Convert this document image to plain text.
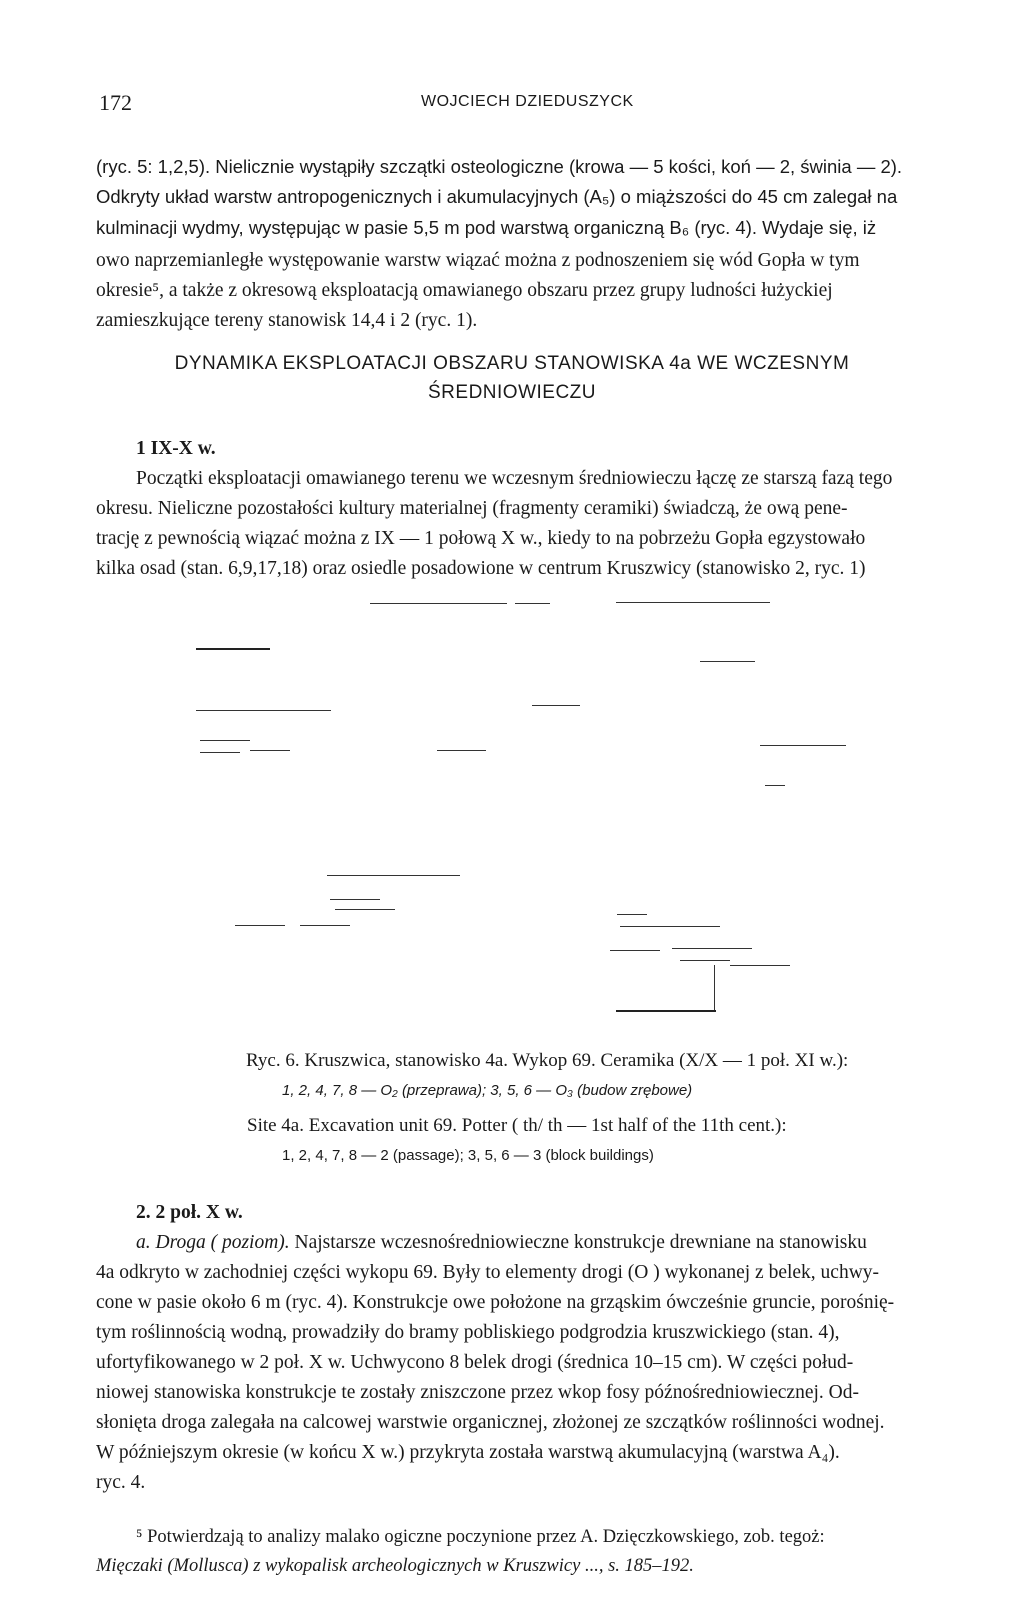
172	WOJCIECH DZIEDUSZYCK
(ryc. 5: 1,2,5). Nielicznie wystąpiły szczątki osteologiczne (krowa — 5 kości, koń — 2, świnia — 2).
Odkryty układ warstw antropogenicznych i akumulacyjnych (A₅) o miąższości do 45 cm zalegał na
kulminacji wydmy, występując w pasie 5,5 m pod warstwą organiczną B₆ (ryc. 4). Wydaje się, iż
owo naprzemianległe występowanie warstw wiązać można z podnoszeniem się wód Gopła w tym
okresie⁵, a także z okresową eksploatacją omawianego obszaru przez grupy ludności łużyckiej
zamieszkujące tereny stanowisk 14,4 i 2 (ryc. 1).
DYNAMIKA EKSPLOATACJI OBSZARU STANOWISKA 4a WE WCZESNYM
ŚREDNIOWIECZU
1 IX-X w.
Początki eksploatacji omawianego terenu we wczesnym średniowieczu łączę ze starszą fazą tego
okresu. Nieliczne pozostałości kultury materialnej (fragmenty ceramiki) świadczą, że ową pene-
trację z pewnością wiązać można z IX — 1 połową X w., kiedy to na pobrzeżu Gopła egzystowało
kilka osad (stan. 6,9,17,18) oraz osiedle posadowione w centrum Kruszwicy (stanowisko 2, ryc. 1)
Ryc. 6. Kruszwica, stanowisko 4a. Wykop 69. Ceramika (X/X — 1 poł. XI w.):
1, 2, 4, 7, 8 — O₂ (przeprawa); 3, 5, 6 — O₃ (budow zrębowe)
Site 4a. Excavation unit 69. Potter ( th/ th — 1st half of the 11th cent.):
1, 2, 4, 7, 8 — 2 (passage); 3, 5, 6 — 3 (block buildings)
2. 2 poł. X w.
a. Droga ( poziom). Najstarsze wczesnośredniowieczne konstrukcje drewniane na stanowisku
4a odkryto w zachodniej części wykopu 69. Były to elementy drogi (O ) wykonanej z belek, uchwy-
cone w pasie około 6 m (ryc. 4). Konstrukcje owe położone na grząskim ówcześnie gruncie, porośnię-
tym roślinnością wodną, prowadziły do bramy pobliskiego podgrodzia kruszwickiego (stan. 4),
ufortyfikowanego w 2 poł. X w. Uchwycono 8 belek drogi (średnica 10–15 cm). W części połud-
niowej stanowiska konstrukcje te zostały zniszczone przez wkop fosy późnośredniowiecznej. Od-
słonięta droga zalegała na calcowej warstwie organicznej, złożonej ze szczątków roślinności wodnej.
W późniejszym okresie (w końcu X w.) przykryta została warstwą akumulacyjną (warstwa A₄).
ryc. 4.
⁵ Potwierdzają to analizy malako ogiczne poczynione przez A. Dzięczkowskiego, zob. tegoż:
Mięczaki (Mollusca) z wykopalisk archeologicznych w Kruszwicy ..., s. 185–192.
